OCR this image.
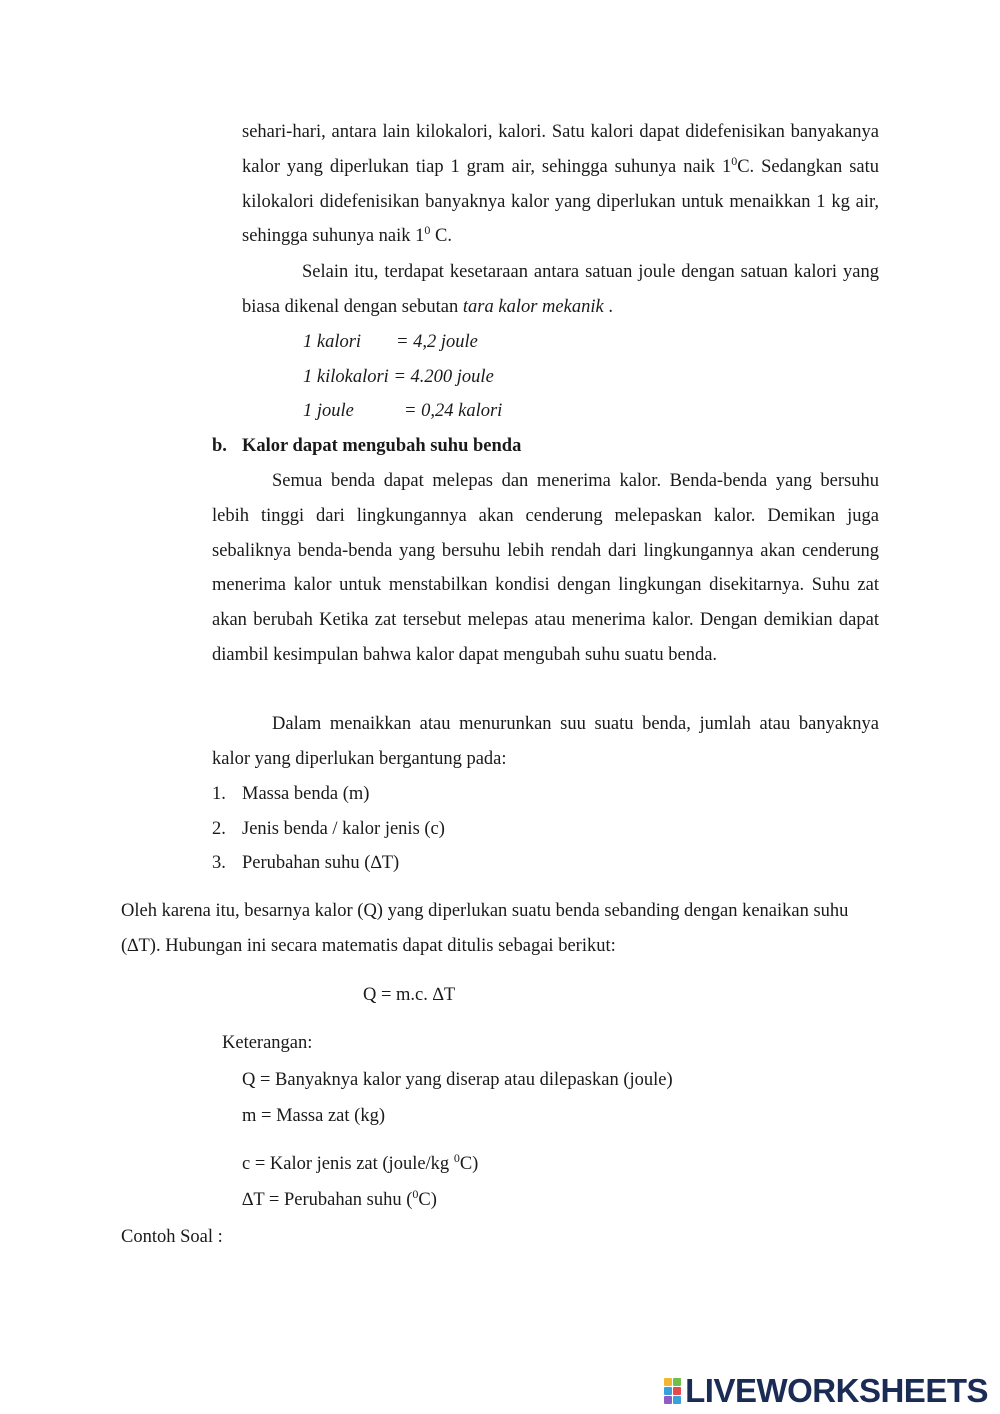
sehari-hari, antara lain kilokalori, kalori. Satu kalori dapat didefenisikan banyakanya kalor yang diperlukan tiap 1 gram air, sehingga suhunya naik $1^0C$. Sedangkan satu kilokalori didefenisikan banyaknya kalor yang diperlukan untuk menaikkan 1 kg air, sehingga suhunya naik $1^0$ C.

Selain itu, terdapat kesetaraan antara satuan joule dengan satuan kalori yang biasa dikenal dengan sebutan tara kalor mekanik .

1 kalori = 4,2 joule
1 kilokalori = 4.200 joule
1 joule	= 0,24 kalori
b. Kalor dapat mengubah suhu benda

Semua benda dapat melepas dan menerima kalor. Benda-benda yang bersuhu lebih tinggi dari lingkungannya akan cenderung melepaskan kalor. Demikan juga sebaliknya benda-benda yang bersuhu lebih rendah dari lingkungannya akan cenderung menerima kalor untuk menstabilkan kondisi dengan lingkungan disekitarnya. Suhu zat akan berubah Ketika zat tersebut melepas atau menerima kalor. Dengan demikian dapat diambil kesimpulan bahwa kalor dapat mengubah suhu suatu benda.

Dalam menaikkan atau menurunkan suu suatu benda, jumlah atau banyaknya kalor yang diperlukan bergantung pada:

1. Massa benda (m)
2. Jenis benda / kalor jenis (c)
3. Perubahan suhu (∆T)

Oleh karena itu, besarnya kalor (Q) yang diperlukan suatu benda sebanding dengan kenaikan suhu (∆T). Hubungan ini secara matematis dapat ditulis sebagai berikut:

Q = m.c. ∆T
Keterangan:
Q = Banyaknya kalor yang diserap atau dilepaskan (joule)
m = Massa zat (kg)
c = Kalor jenis zat (joule/kg $^0$C)
∆T = Perubahan suhu ($^0$C)
Contoh Soal :
LIVEWORKSHEETS
